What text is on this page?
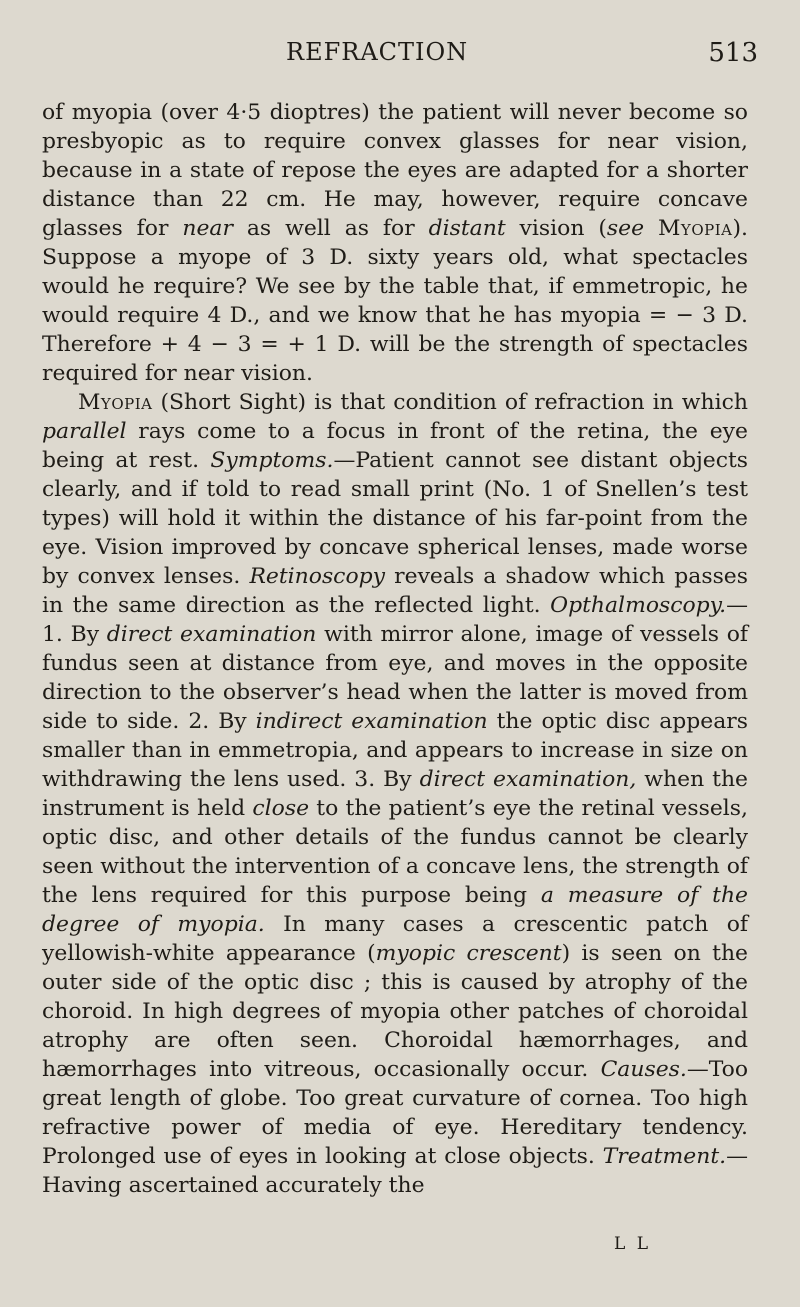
REFRACTION	513
of myopia (over 4·5 dioptres) the patient will never become so presbyopic as to require convex glasses for near vision, because in a state of repose the eyes are adapted for a shorter distance than 22 cm. He may, however, require concave glasses for near as well as for distant vision (see Myopia). Suppose a myope of 3 D. sixty years old, what spectacles would he require? We see by the table that, if emmetropic, he would require 4 D., and we know that he has myopia = − 3 D. Therefore + 4 − 3 = + 1 D. will be the strength of spectacles required for near vision.
Myopia (Short Sight) is that condition of refraction in which parallel rays come to a focus in front of the retina, the eye being at rest. Symptoms.—Patient cannot see distant objects clearly, and if told to read small print (No. 1 of Snellen’s test types) will hold it within the distance of his far-point from the eye. Vision improved by concave spherical lenses, made worse by convex lenses. Retinoscopy reveals a shadow which passes in the same direction as the reflected light. Opthalmoscopy.—1. By direct examination with mirror alone, image of vessels of fundus seen at distance from eye, and moves in the opposite direction to the observer’s head when the latter is moved from side to side. 2. By indirect examination the optic disc appears smaller than in emmetropia, and appears to increase in size on withdrawing the lens used. 3. By direct examination, when the instrument is held close to the patient’s eye the retinal vessels, optic disc, and other details of the fundus cannot be clearly seen without the intervention of a concave lens, the strength of the lens required for this purpose being a measure of the degree of myopia. In many cases a crescentic patch of yellowish-white appearance (myopic crescent) is seen on the outer side of the optic disc ; this is caused by atrophy of the choroid. In high degrees of myopia other patches of choroidal atrophy are often seen. Choroidal hæmorrhages, and hæmorrhages into vitreous, occasionally occur. Causes.—Too great length of globe. Too great curvature of cornea. Too high refractive power of media of eye. Hereditary tendency. Prolonged use of eyes in looking at close objects. Treatment.—Having ascertained accurately the
L L
